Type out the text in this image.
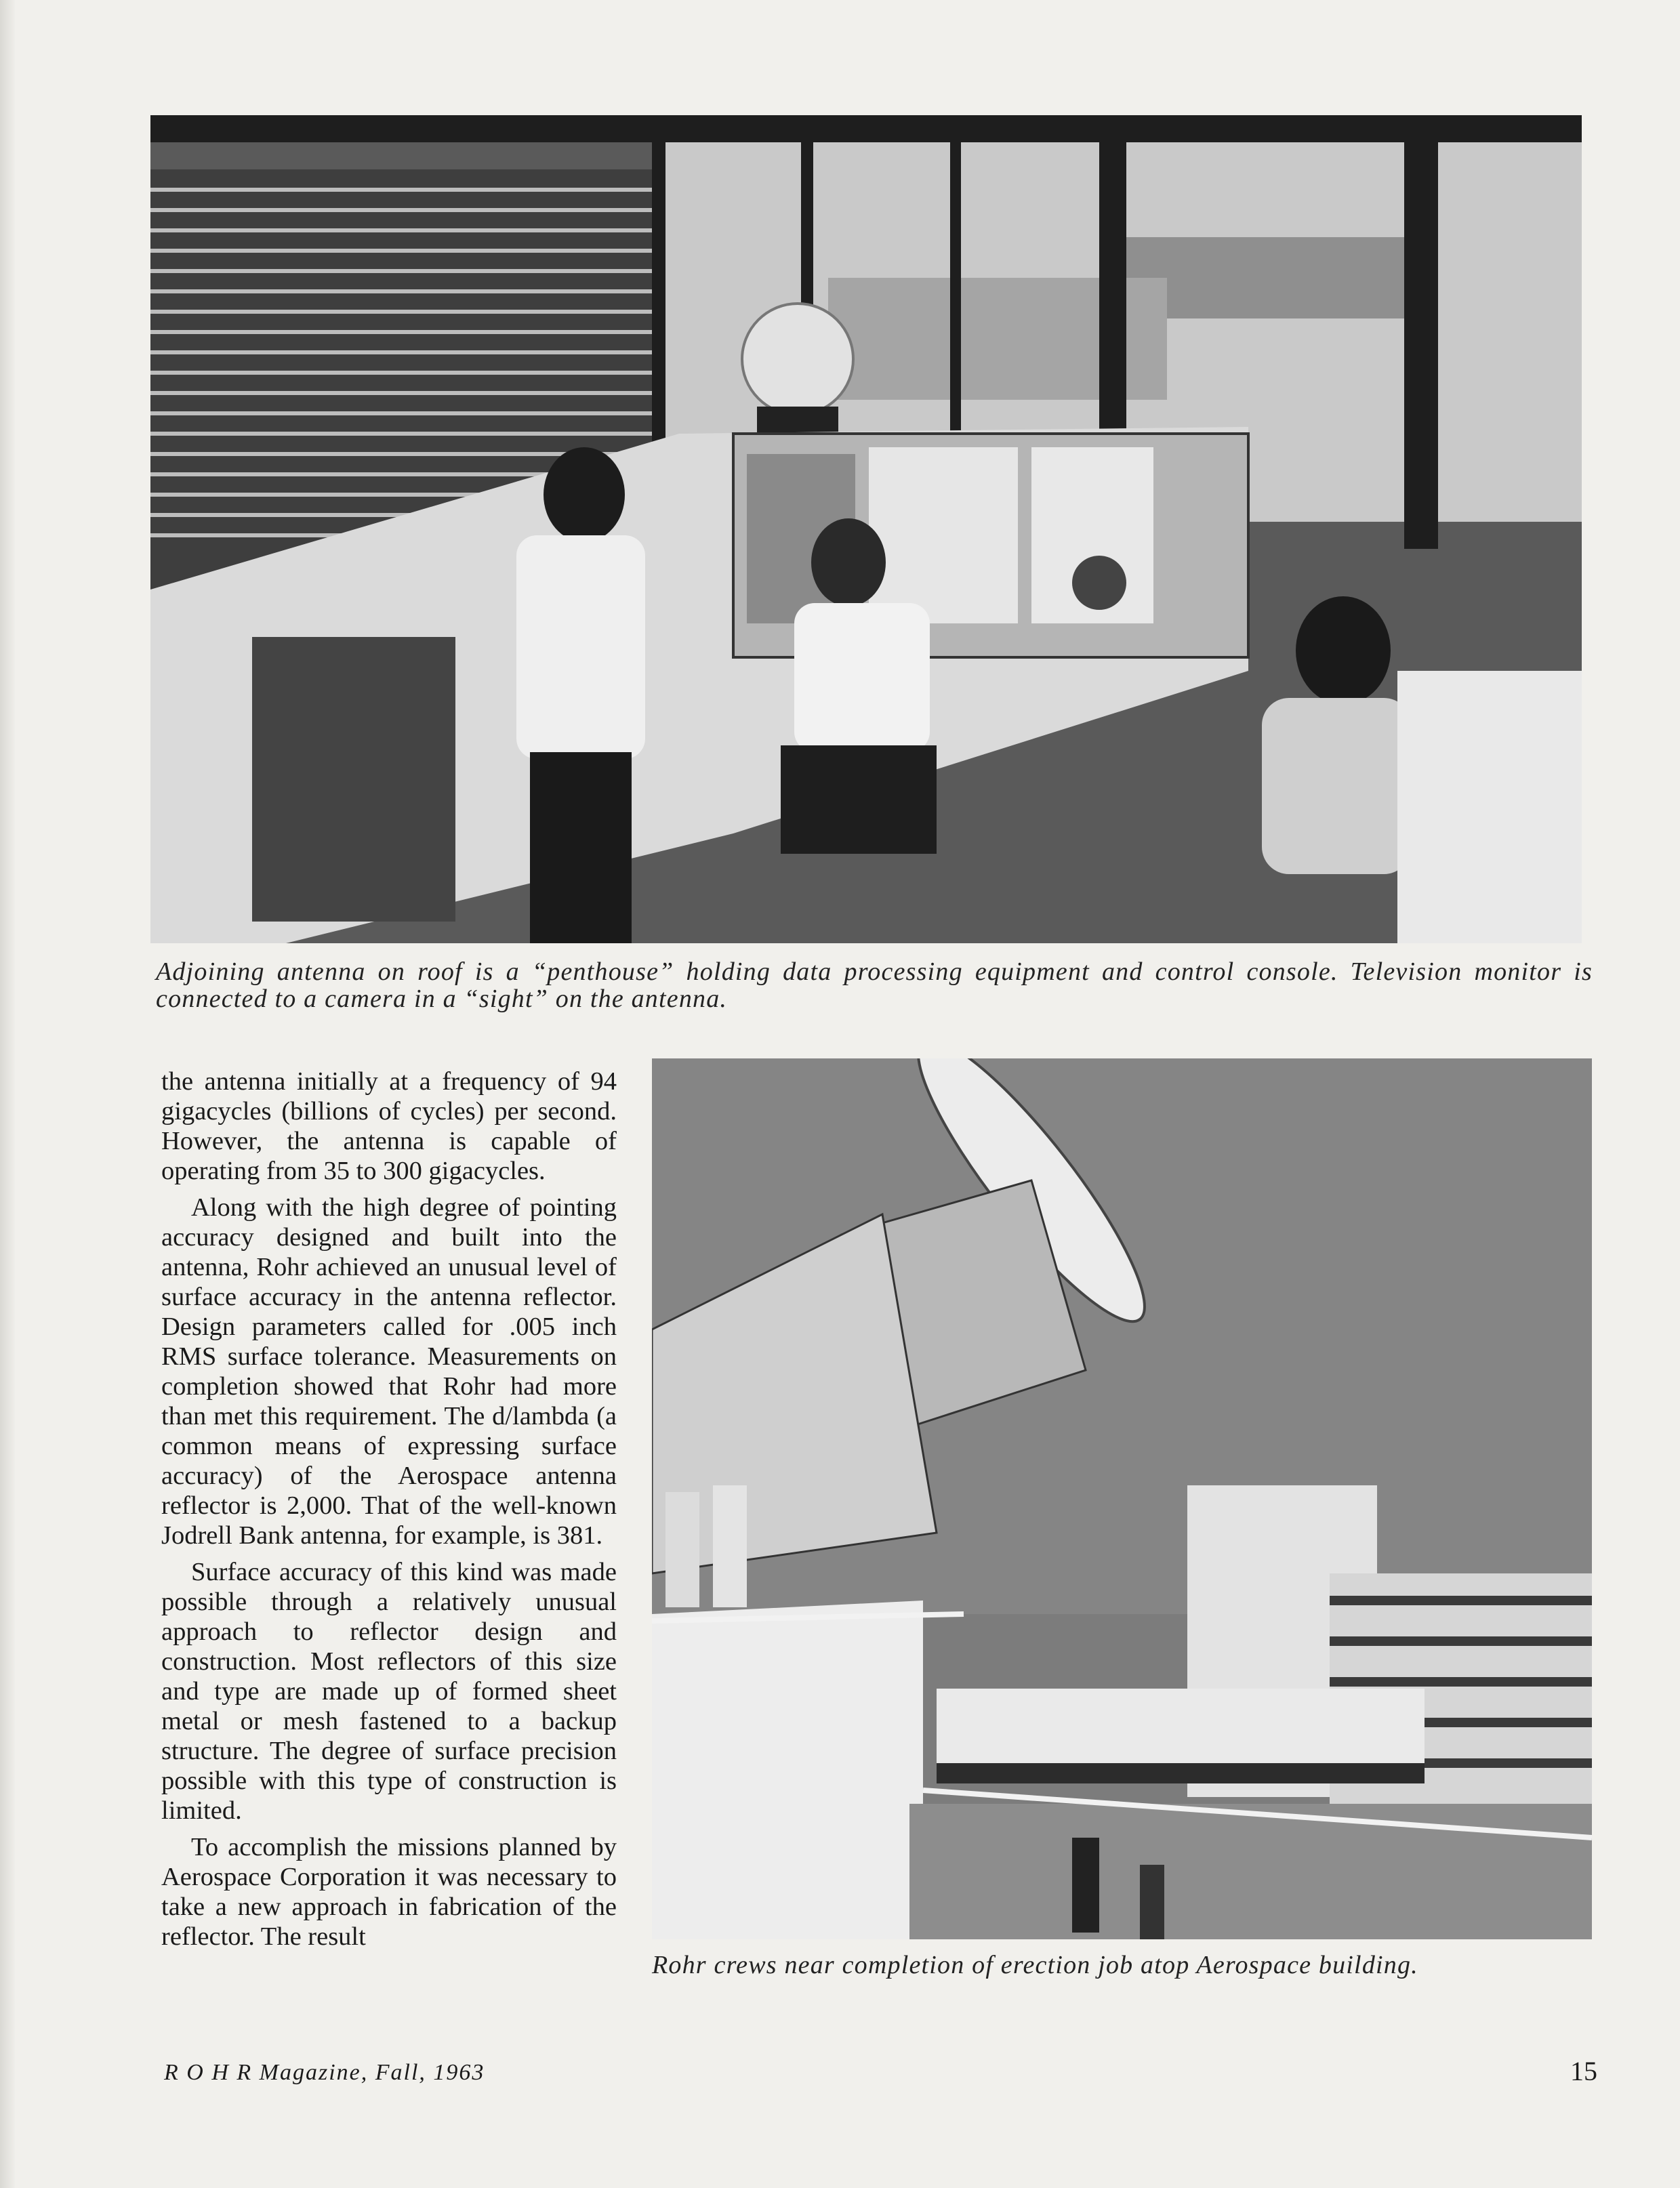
Adjoining antenna on roof is a “penthouse” holding data processing equipment and control console. Television monitor is connected to a camera in a “sight” on the antenna.

the antenna initially at a frequency of 94 gigacycles (billions of cycles) per second. However, the antenna is capable of operating from 35 to 300 gigacycles.

Along with the high degree of pointing accuracy designed and built into the antenna, Rohr achieved an unusual level of surface accuracy in the antenna reflector. Design parameters called for .005 inch RMS surface tolerance. Measurements on completion showed that Rohr had more than met this requirement. The d/lambda (a common means of expressing surface accuracy) of the Aerospace antenna reflector is 2,000. That of the well-known Jodrell Bank antenna, for example, is 381.

Surface accuracy of this kind was made possible through a relatively unusual approach to reflector design and construction. Most reflectors of this size and type are made up of formed sheet metal or mesh fastened to a backup structure. The degree of surface precision possible with this type of construction is limited.

To accomplish the missions planned by Aerospace Corporation it was necessary to take a new approach in fabrication of the reflector. The result

Rohr crews near completion of erection job atop Aerospace building.
R O H R Magazine, Fall, 1963	15
